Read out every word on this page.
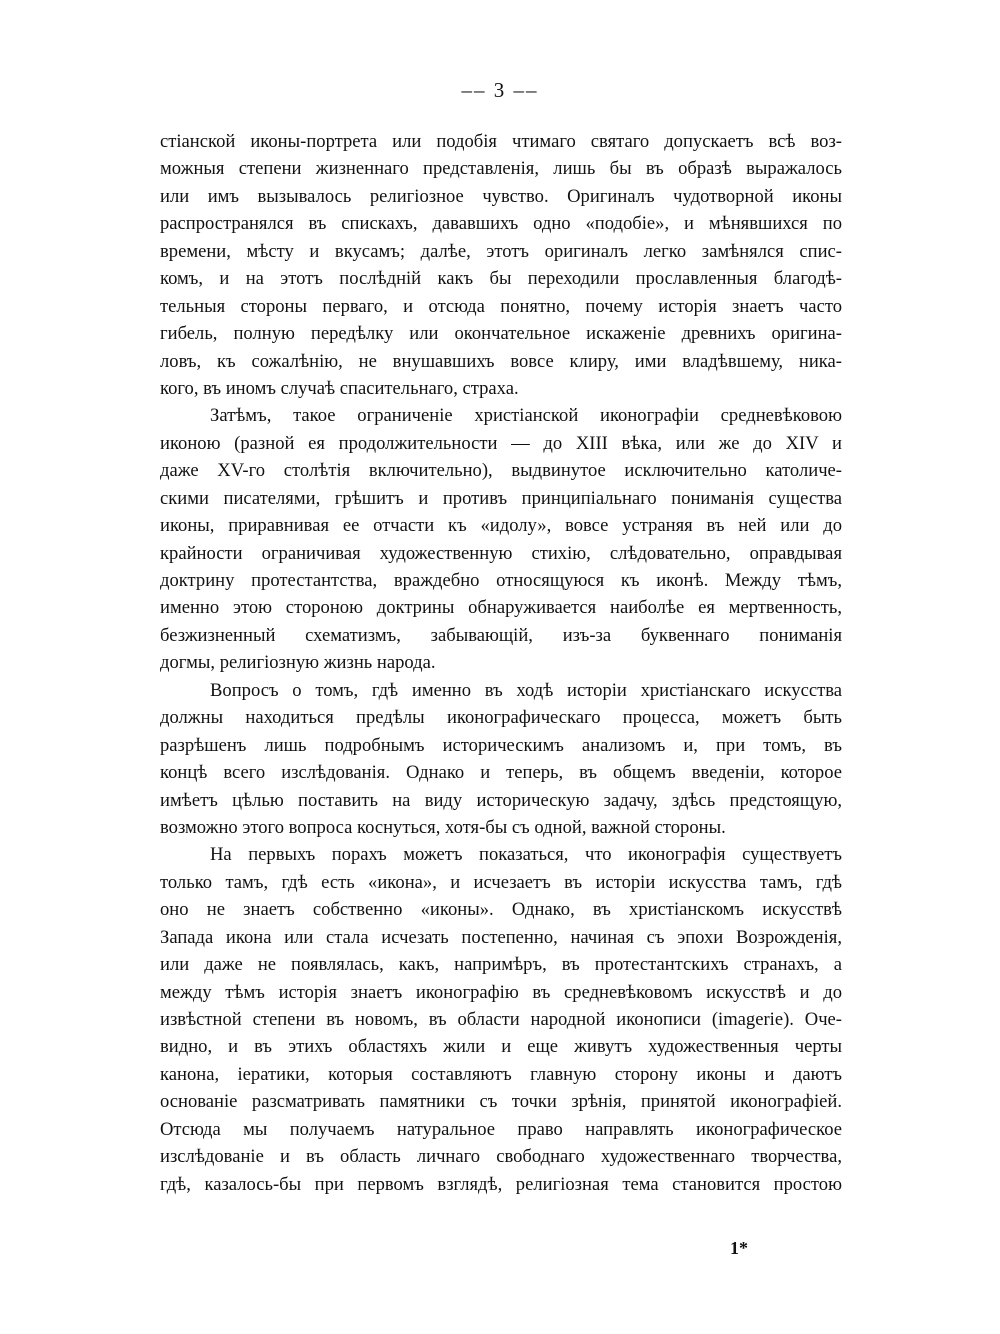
–– 3 ––
стіанской иконы-портрета или подобія чтимаго святаго допускаетъ всѣ воз-
можныя степени жизненнаго представленія, лишь бы въ образѣ выражалось
или имъ вызывалось религіозное чувство. Оригиналъ чудотворной иконы
распространялся въ спискахъ, дававшихъ одно «подобіе», и мѣнявшихся по
времени, мѣсту и вкусамъ; далѣе, этотъ оригиналъ легко замѣнялся спис-
комъ, и на этотъ послѣдній какъ бы переходили прославленныя благодѣ-
тельныя стороны перваго, и отсюда понятно, почему исторія знаетъ часто
гибель, полную передѣлку или окончательное искаженіе древнихъ оригина-
ловъ, къ сожалѣнію, не внушавшихъ вовсе клиру, ими владѣвшему, ника-
кого, въ иномъ случаѣ спасительнаго, страха.
Затѣмъ, такое ограниченіе христіанской иконографіи средневѣковою
иконою (разной ея продолжительности — до XIII вѣка, или же до XIV и
даже XV-го столѣтія включительно), выдвинутое исключительно католиче-
скими писателями, грѣшитъ и противъ принципіальнаго пониманія существа
иконы, приравнивая ее отчасти къ «идолу», вовсе устраняя въ ней или до
крайности ограничивая художественную стихію, слѣдовательно, оправдывая
доктрину протестантства, враждебно относящуюся къ иконѣ. Между тѣмъ,
именно этою стороною доктрины обнаруживается наиболѣе ея мертвенность,
безжизненный схематизмъ, забывающій, изъ-за буквеннаго пониманія
догмы, религіозную жизнь народа.
Вопросъ о томъ, гдѣ именно въ ходѣ исторіи христіанскаго искусства
должны находиться предѣлы иконографическаго процесса, можетъ быть
разрѣшенъ лишь подробнымъ историческимъ анализомъ и, при томъ, въ
концѣ всего изслѣдованія. Однако и теперь, въ общемъ введеніи, которое
имѣетъ цѣлью поставить на виду историческую задачу, здѣсь предстоящую,
возможно этого вопроса коснуться, хотя-бы съ одной, важной стороны.
На первыхъ порахъ можетъ показаться, что иконографія существуетъ
только тамъ, гдѣ есть «икона», и исчезаетъ въ исторіи искусства тамъ, гдѣ
оно не знаетъ собственно «иконы». Однако, въ христіанскомъ искусствѣ
Запада икона или стала исчезать постепенно, начиная съ эпохи Возрожденія,
или даже не появлялась, какъ, напримѣръ, въ протестантскихъ странахъ, а
между тѣмъ исторія знаетъ иконографію въ средневѣковомъ искусствѣ и до
извѣстной степени въ новомъ, въ области народной иконописи (imagerie). Оче-
видно, и въ этихъ областяхъ жили и еще живутъ художественныя черты
канона, іератики, которыя составляютъ главную сторону иконы и даютъ
основаніе разсматривать памятники съ точки зрѣнія, принятой иконографіей.
Отсюда мы получаемъ натуральное право направлять иконографическое
изслѣдованіе и въ область личнаго свободнаго художественнаго творчества,
гдѣ, казалось-бы при первомъ взглядѣ, религіозная тема становится простою
1*
